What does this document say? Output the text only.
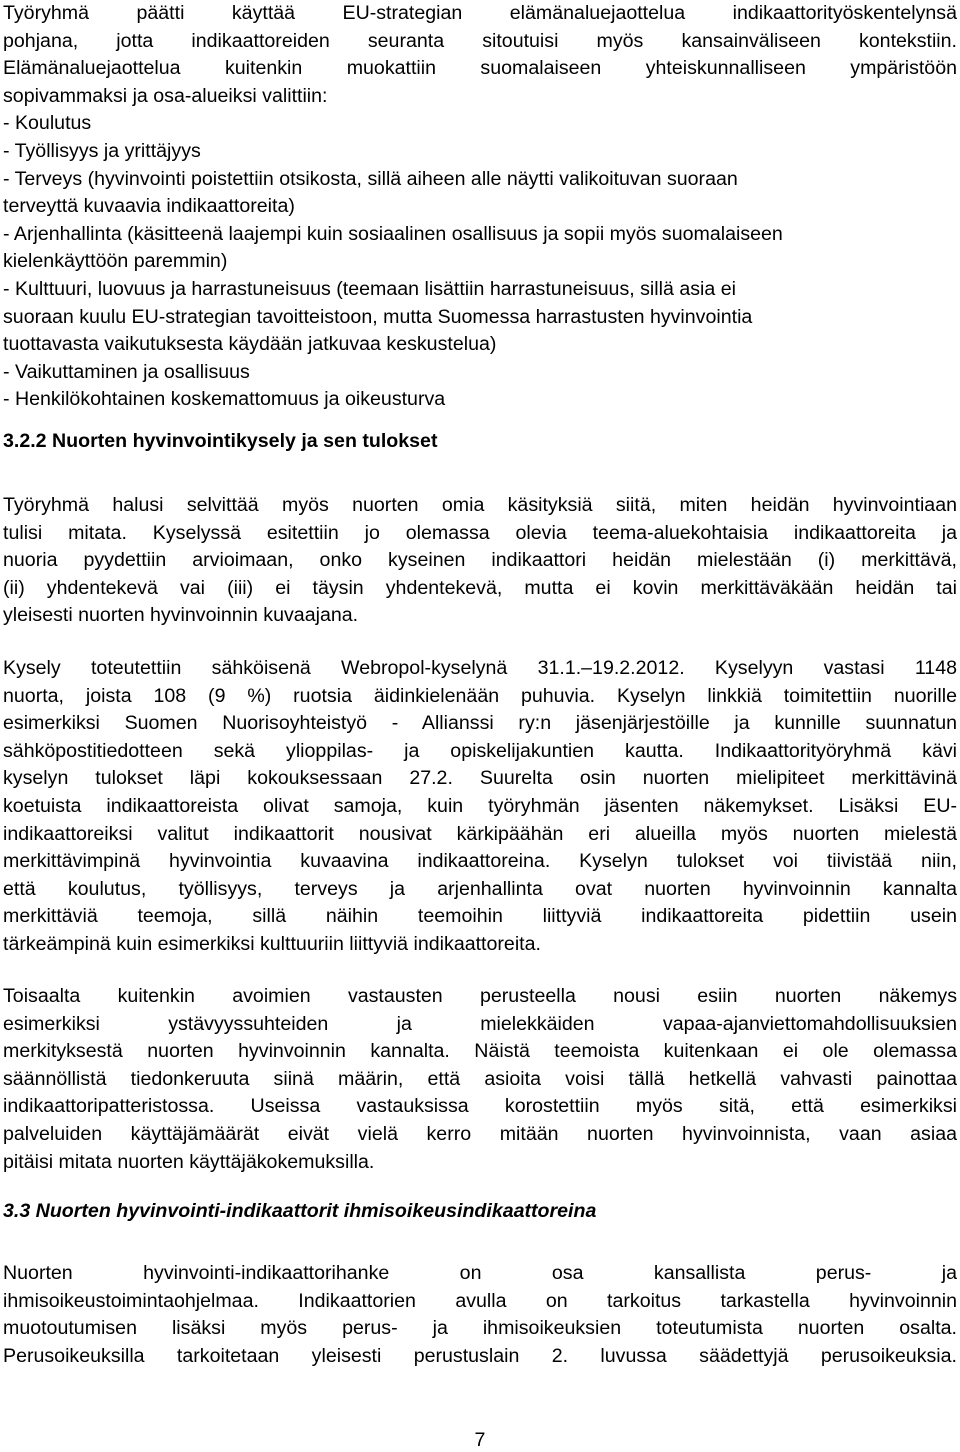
Työryhmä päätti käyttää EU-strategian elämänaluejaottelua indikaattorityöskentelynsä
pohjana, jotta indikaattoreiden seuranta sitoutuisi myös kansainväliseen kontekstiin.
Elämänaluejaottelua kuitenkin muokattiin suomalaiseen yhteiskunnalliseen ympäristöön
sopivammaksi ja osa-alueiksi valittiin:
- Koulutus
- Työllisyys ja yrittäjyys
- Terveys (hyvinvointi poistettiin otsikosta, sillä aiheen alle näytti valikoituvan suoraan
terveyttä kuvaavia indikaattoreita)
- Arjenhallinta (käsitteenä laajempi kuin sosiaalinen osallisuus ja sopii myös suomalaiseen
kielenkäyttöön paremmin)
- Kulttuuri, luovuus ja harrastuneisuus (teemaan lisättiin harrastuneisuus, sillä asia ei
suoraan kuulu EU-strategian tavoitteistoon, mutta Suomessa harrastusten hyvinvointia
tuottavasta vaikutuksesta käydään jatkuvaa keskustelua)
- Vaikuttaminen ja osallisuus
- Henkilökohtainen koskemattomuus ja oikeusturva
3.2.2 Nuorten hyvinvointikysely ja sen tulokset
Työryhmä halusi selvittää myös nuorten omia käsityksiä siitä, miten heidän hyvinvointiaan
tulisi mitata. Kyselyssä esitettiin jo olemassa olevia teema-aluekohtaisia indikaattoreita ja
nuoria pyydettiin arvioimaan, onko kyseinen indikaattori heidän mielestään (i) merkittävä,
(ii) yhdentekevä vai (iii) ei täysin yhdentekevä, mutta ei kovin merkittäväkään heidän tai
yleisesti nuorten hyvinvoinnin kuvaajana.
Kysely toteutettiin sähköisenä Webropol-kyselynä 31.1.–19.2.2012. Kyselyyn vastasi 1148
nuorta, joista 108 (9 %) ruotsia äidinkielenään puhuvia. Kyselyn linkkiä toimitettiin nuorille
esimerkiksi Suomen Nuorisoyhteistyö - Allianssi ry:n jäsenjärjestöille ja kunnille suunnatun
sähköpostitiedotteen sekä ylioppilas- ja opiskelijakuntien kautta. Indikaattorityöryhmä kävi
kyselyn tulokset läpi kokouksessaan 27.2. Suurelta osin nuorten mielipiteet merkittävinä
koetuista indikaattoreista olivat samoja, kuin työryhmän jäsenten näkemykset. Lisäksi EU-
indikaattoreiksi valitut indikaattorit nousivat kärkipäähän eri alueilla myös nuorten mielestä
merkittävimpinä hyvinvointia kuvaavina indikaattoreina. Kyselyn tulokset voi tiivistää niin,
että koulutus, työllisyys, terveys ja arjenhallinta ovat nuorten hyvinvoinnin kannalta
merkittäviä teemoja, sillä näihin teemoihin liittyviä indikaattoreita pidettiin usein
tärkeämpinä kuin esimerkiksi kulttuuriin liittyviä indikaattoreita.
Toisaalta kuitenkin avoimien vastausten perusteella nousi esiin nuorten näkemys
esimerkiksi ystävyyssuhteiden ja mielekkäiden vapaa-ajanviettomahdollisuuksien
merkityksestä nuorten hyvinvoinnin kannalta. Näistä teemoista kuitenkaan ei ole olemassa
säännöllistä tiedonkeruuta siinä määrin, että asioita voisi tällä hetkellä vahvasti painottaa
indikaattoripatteristossa. Useissa vastauksissa korostettiin myös sitä, että esimerkiksi
palveluiden käyttäjämäärät eivät vielä kerro mitään nuorten hyvinvoinnista, vaan asiaa
pitäisi mitata nuorten käyttäjäkokemuksilla.
3.3 Nuorten hyvinvointi-indikaattorit ihmisoikeusindikaattoreina
Nuorten hyvinvointi-indikaattorihanke on osa kansallista perus- ja
ihmisoikeustoimintaohjelmaa. Indikaattorien avulla on tarkoitus tarkastella hyvinvoinnin
muotoutumisen lisäksi myös perus- ja ihmisoikeuksien toteutumista nuorten osalta.
Perusoikeuksilla tarkoitetaan yleisesti perustuslain 2. luvussa säädettyjä perusoikeuksia.
7
